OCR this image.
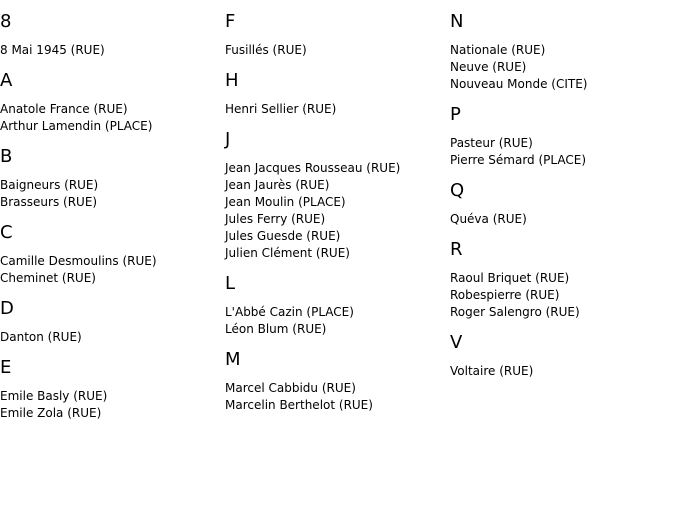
8
8 Mai 1945 (RUE)
A
Anatole France (RUE)
Arthur Lamendin (PLACE)
B
Baigneurs (RUE)
Brasseurs (RUE)
C
Camille Desmoulins (RUE)
Cheminet (RUE)
D
Danton (RUE)
E
Emile Basly (RUE)
Emile Zola (RUE)
F
Fusillés (RUE)
H
Henri Sellier (RUE)
J
Jean Jacques Rousseau (RUE)
Jean Jaurès (RUE)
Jean Moulin (PLACE)
Jules Ferry (RUE)
Jules Guesde (RUE)
Julien Clément (RUE)
L
L'Abbé Cazin (PLACE)
Léon Blum (RUE)
M
Marcel Cabbidu (RUE)
Marcelin Berthelot (RUE)
N
Nationale (RUE)
Neuve (RUE)
Nouveau Monde (CITE)
P
Pasteur (RUE)
Pierre Sémard (PLACE)
Q
Quéva (RUE)
R
Raoul Briquet (RUE)
Robespierre (RUE)
Roger Salengro (RUE)
V
Voltaire (RUE)
